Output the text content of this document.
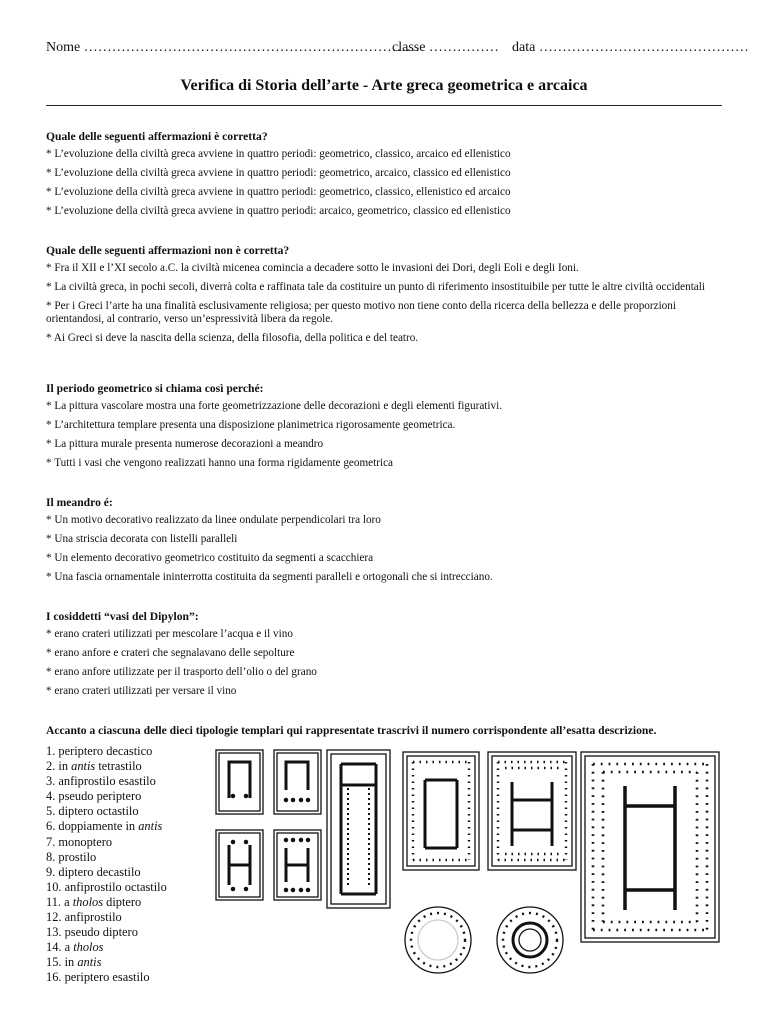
Nome ………………………………………………………………
classe …………… data ………………………………………
Verifica di Storia dell’arte - Arte greca geometrica e arcaica
Quale delle seguenti affermazioni è corretta?
* L’evoluzione della civiltà greca avviene in quattro periodi: geometrico, classico, arcaico ed ellenistico
* L’evoluzione della civiltà greca avviene in quattro periodi: geometrico, arcaico, classico ed ellenistico
* L’evoluzione della civiltà greca avviene in quattro periodi: geometrico, classico, ellenistico ed arcaico
* L’evoluzione della civiltà greca avviene in quattro periodi: arcaico, geometrico, classico ed ellenistico
Quale delle seguenti affermazioni non è corretta?
* Fra il XII e l’XI secolo a.C. la civiltà micenea comincia a decadere sotto le invasioni dei Dori, degli Eoli e degli Ioni.
* La civiltà greca, in pochi secoli, diverrà colta e raffinata tale da costituire un punto di riferimento insostituibile per tutte le altre civiltà occidentali
* Per i Greci l’arte ha una finalità esclusivamente religiosa; per questo motivo non tiene conto della ricerca della bellezza e delle proporzioni orientandosi, al contrario, verso un’espressività libera da regole.
* Ai Greci si deve la nascita della scienza, della filosofia, della politica e del teatro.
Il periodo geometrico si chiama così perché:
* La pittura vascolare mostra una forte geometrizzazione delle decorazioni e degli elementi figurativi.
* L’architettura templare presenta una disposizione planimetrica rigorosamente geometrica.
* La pittura murale presenta numerose decorazioni a meandro
* Tutti i vasi che vengono realizzati hanno una forma rigidamente geometrica
Il meandro é:
* Un motivo decorativo realizzato da linee ondulate perpendicolari tra loro
* Una striscia decorata con listelli paralleli
* Un elemento decorativo geometrico costituito da segmenti a scacchiera
* Una fascia ornamentale ininterrotta costituita da segmenti paralleli e ortogonali che si intrecciano.
I cosiddetti “vasi del Dipylon”:
* erano crateri utilizzati per mescolare l’acqua e il vino
* erano anfore e crateri che segnalavano delle sepolture
* erano anfore utilizzate per il trasporto dell’olio o del grano
* erano crateri utilizzati per versare il vino
Accanto a ciascuna delle dieci tipologie templari qui rappresentate trascrivi il numero corrispondente all’esatta descrizione.
1. periptero decastico
2. in antis tetrastilo
3. anfiprostilo esastilo
4. pseudo periptero
5. diptero octastilo
6. doppiamente in antis
7. monoptero
8. prostilo
9. diptero decastilo
10. anfiprostilo octastilo
11. a tholos diptero
12. anfiprostilo
13. pseudo diptero
14. a tholos
15. in antis
16. periptero esastilo
